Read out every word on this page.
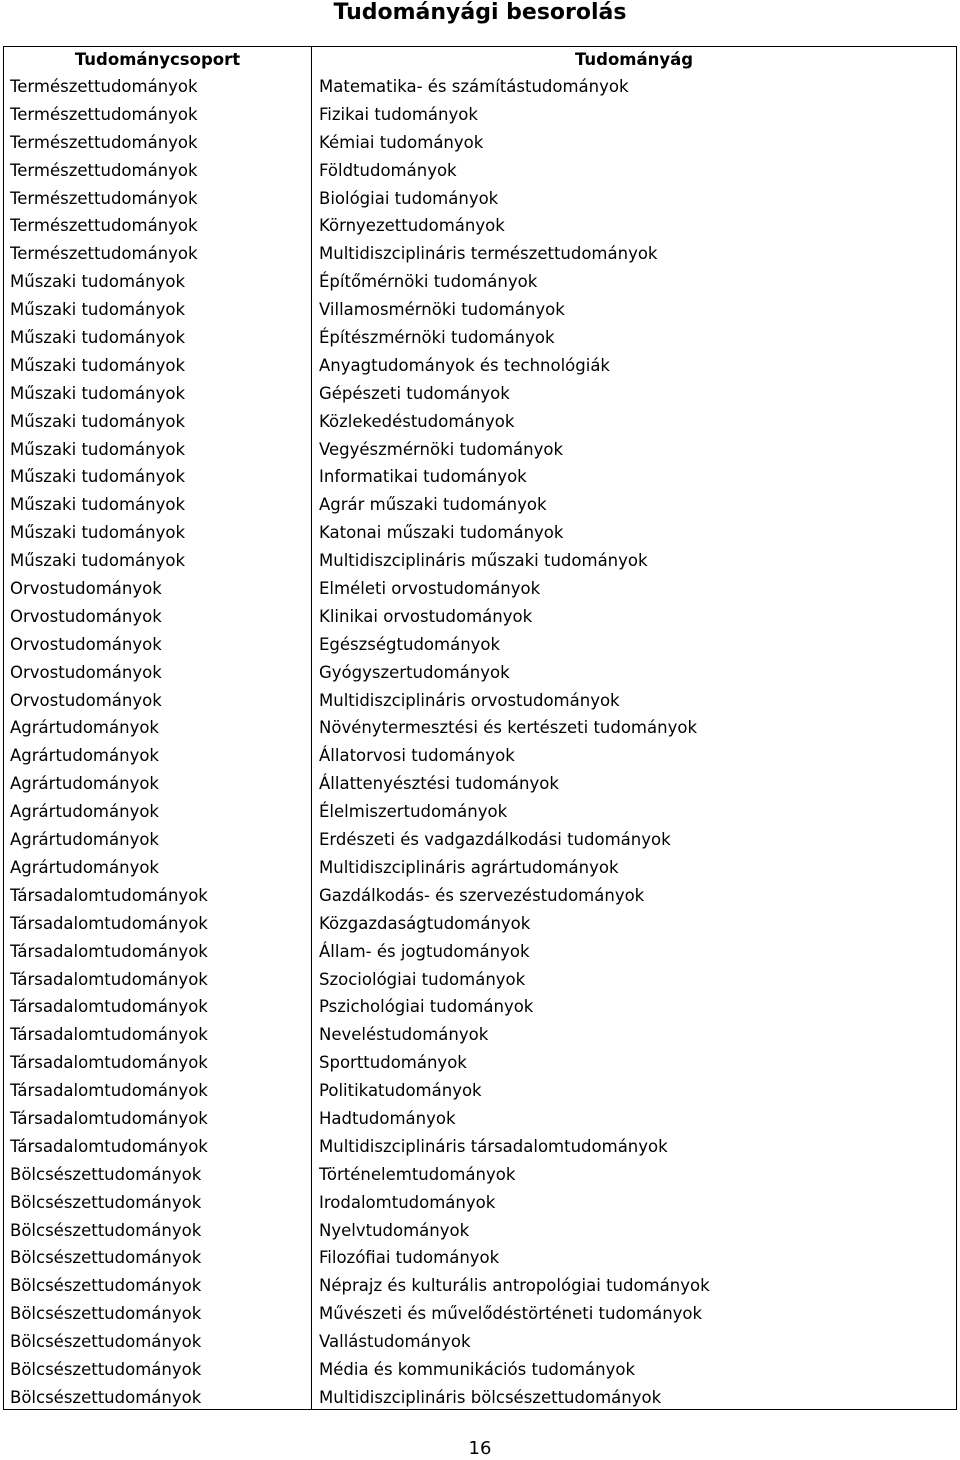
Tudományági besorolás
Tudománycsoport	Tudományág
Természettudományok	Matematika- és számítástudományok
Természettudományok	Fizikai tudományok
Természettudományok	Kémiai tudományok
Természettudományok	Földtudományok
Természettudományok	Biológiai tudományok
Természettudományok	Környezettudományok
Természettudományok	Multidiszciplináris természettudományok
Műszaki tudományok	Építőmérnöki tudományok
Műszaki tudományok	Villamosmérnöki tudományok
Műszaki tudományok	Építészmérnöki tudományok
Műszaki tudományok	Anyagtudományok és technológiák
Műszaki tudományok	Gépészeti tudományok
Műszaki tudományok	Közlekedéstudományok
Műszaki tudományok	Vegyészmérnöki tudományok
Műszaki tudományok	Informatikai tudományok
Műszaki tudományok	Agrár műszaki tudományok
Műszaki tudományok	Katonai műszaki tudományok
Műszaki tudományok	Multidiszciplináris műszaki tudományok
Orvostudományok	Elméleti orvostudományok
Orvostudományok	Klinikai orvostudományok
Orvostudományok	Egészségtudományok
Orvostudományok	Gyógyszertudományok
Orvostudományok	Multidiszciplináris orvostudományok
Agrártudományok	Növénytermesztési és kertészeti tudományok
Agrártudományok	Állatorvosi tudományok
Agrártudományok	Állattenyésztési tudományok
Agrártudományok	Élelmiszertudományok
Agrártudományok	Erdészeti és vadgazdálkodási tudományok
Agrártudományok	Multidiszciplináris agrártudományok
Társadalomtudományok	Gazdálkodás- és szervezéstudományok
Társadalomtudományok	Közgazdaságtudományok
Társadalomtudományok	Állam- és jogtudományok
Társadalomtudományok	Szociológiai tudományok
Társadalomtudományok	Pszichológiai tudományok
Társadalomtudományok	Neveléstudományok
Társadalomtudományok	Sporttudományok
Társadalomtudományok	Politikatudományok
Társadalomtudományok	Hadtudományok
Társadalomtudományok	Multidiszciplináris társadalomtudományok
Bölcsészettudományok	Történelemtudományok
Bölcsészettudományok	Irodalomtudományok
Bölcsészettudományok	Nyelvtudományok
Bölcsészettudományok	Filozófiai tudományok
Bölcsészettudományok	Néprajz és kulturális antropológiai tudományok
Bölcsészettudományok	Művészeti és művelődéstörténeti tudományok
Bölcsészettudományok	Vallástudományok
Bölcsészettudományok	Média és kommunikációs tudományok
Bölcsészettudományok	Multidiszciplináris bölcsészettudományok
16
